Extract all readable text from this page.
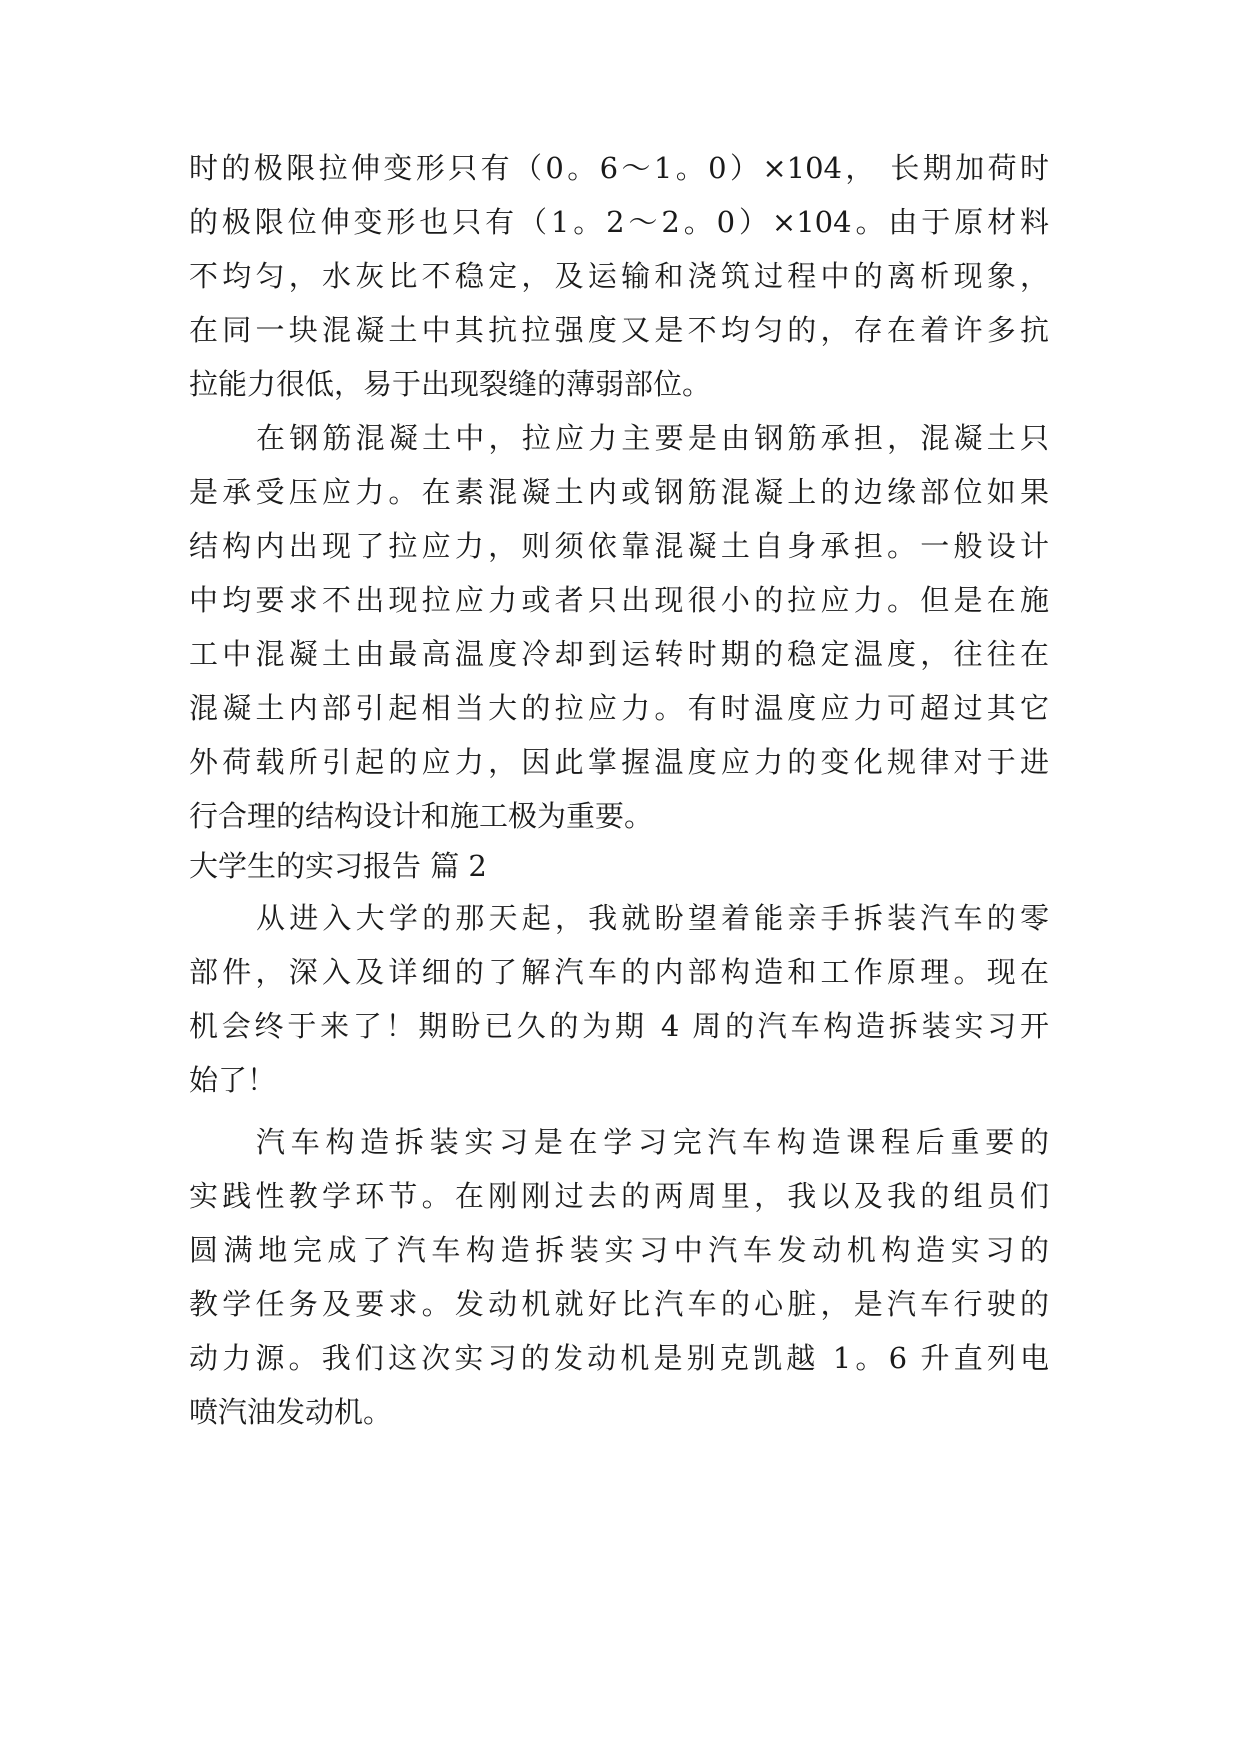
时的极限拉伸变形只有（0。6～1。0）×104， 长期加荷时
的极限位伸变形也只有（1。2～2。0）×104。由于原材料
不均匀，水灰比不稳定，及运输和浇筑过程中的离析现象，
在同一块混凝土中其抗拉强度又是不均匀的，存在着许多抗
拉能力很低，易于出现裂缝的薄弱部位。
在钢筋混凝土中，拉应力主要是由钢筋承担，混凝土只
是承受压应力。在素混凝土内或钢筋混凝上的边缘部位如果
结构内出现了拉应力，则须依靠混凝土自身承担。一般设计
中均要求不出现拉应力或者只出现很小的拉应力。但是在施
工中混凝土由最高温度冷却到运转时期的稳定温度，往往在
混凝土内部引起相当大的拉应力。有时温度应力可超过其它
外荷载所引起的应力，因此掌握温度应力的变化规律对于进
行合理的结构设计和施工极为重要。
大学生的实习报告 篇 2
从进入大学的那天起，我就盼望着能亲手拆装汽车的零
部件，深入及详细的了解汽车的内部构造和工作原理。现在
机会终于来了！期盼已久的为期 4 周的汽车构造拆装实习开
始了！
汽车构造拆装实习是在学习完汽车构造课程后重要的
实践性教学环节。在刚刚过去的两周里，我以及我的组员们
圆满地完成了汽车构造拆装实习中汽车发动机构造实习的
教学任务及要求。发动机就好比汽车的心脏，是汽车行驶的
动力源。我们这次实习的发动机是别克凯越 1。6 升直列电
喷汽油发动机。
